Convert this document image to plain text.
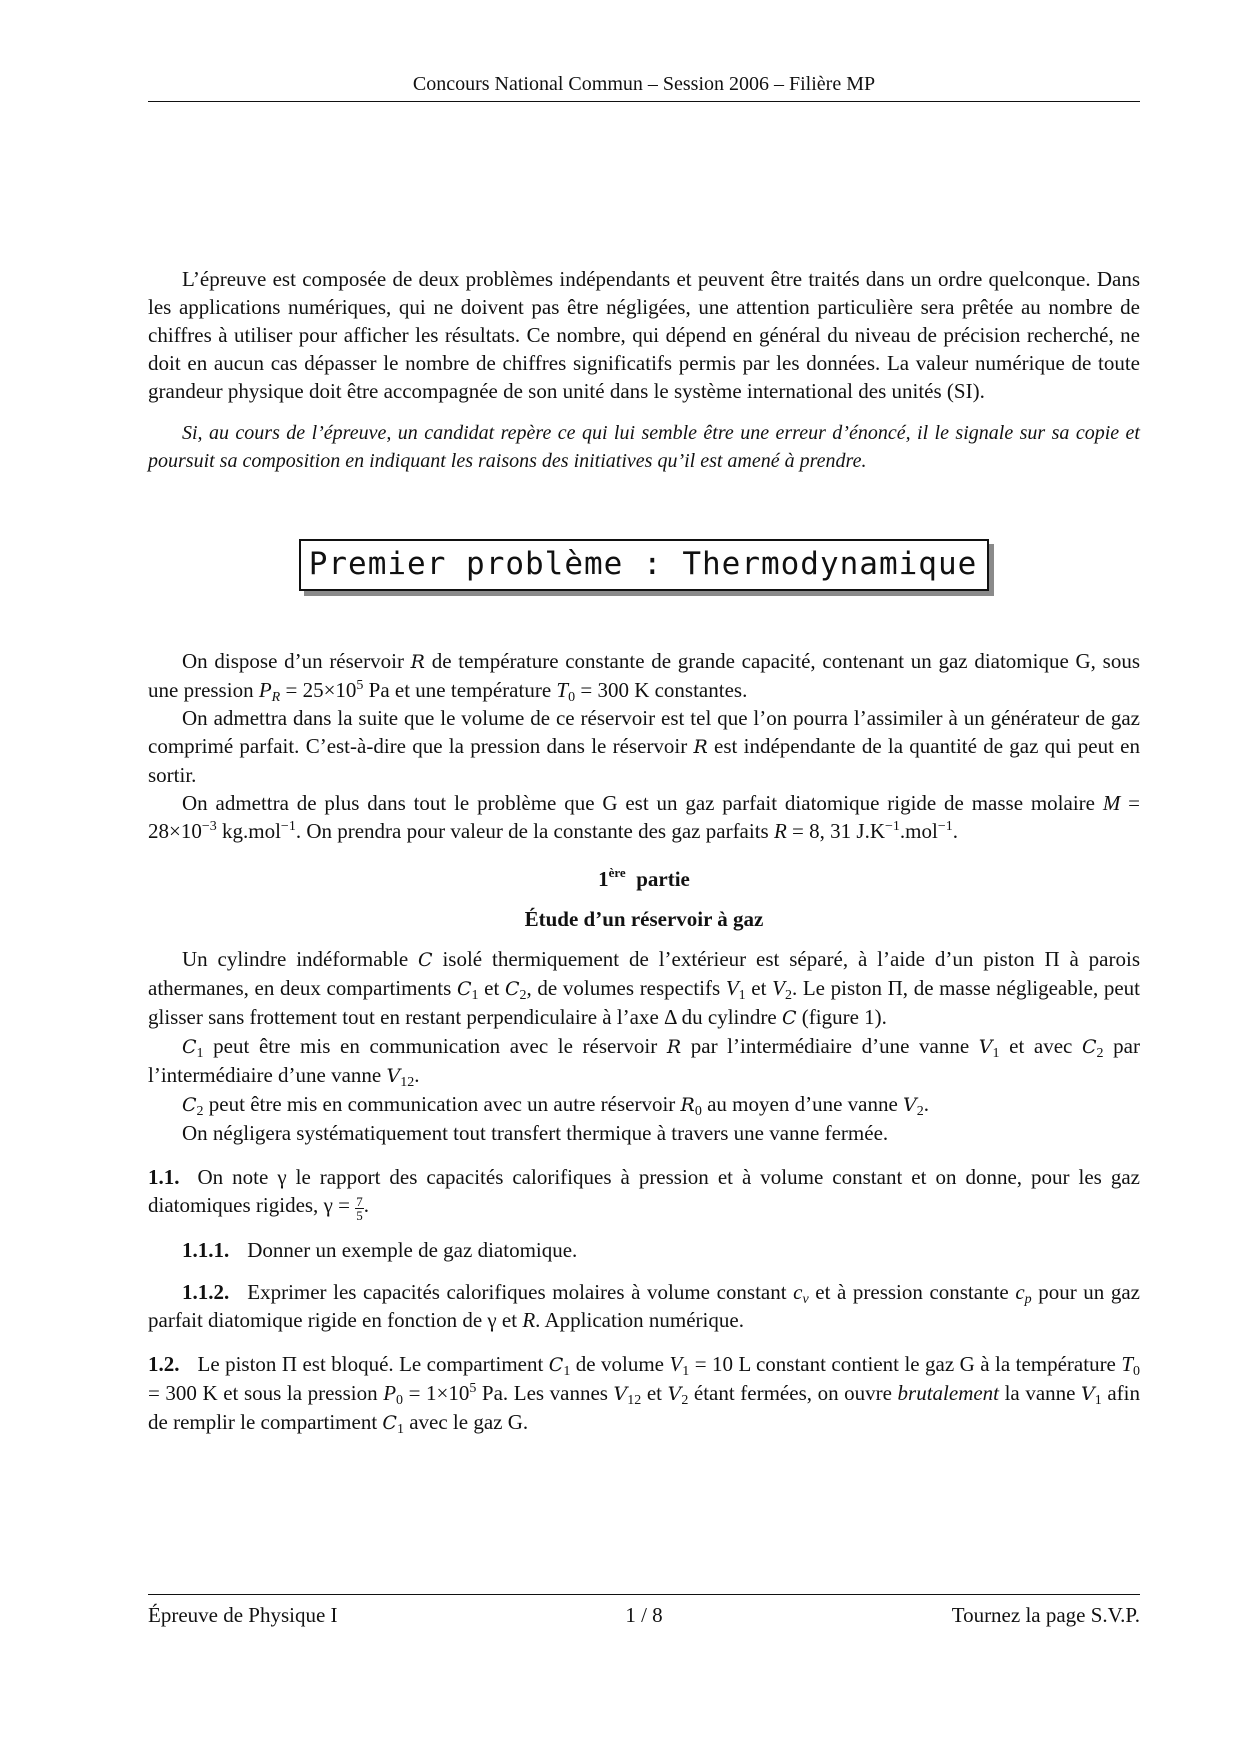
Concours National Commun – Session 2006 – Filière MP

L’épreuve est composée de deux problèmes indépendants et peuvent être traités dans un ordre quelconque. Dans les applications numériques, qui ne doivent pas être négligées, une attention particulière sera prêtée au nombre de chiffres à utiliser pour afficher les résultats. Ce nombre, qui dépend en général du niveau de précision recherché, ne doit en aucun cas dépasser le nombre de chiffres significatifs permis par les données. La valeur numérique de toute grandeur physique doit être accompagnée de son unité dans le système international des unités (SI).

Si, au cours de l’épreuve, un candidat repère ce qui lui semble être une erreur d’énoncé, il le signale sur sa copie et poursuit sa composition en indiquant les raisons des initiatives qu’il est amené à prendre.

Premier problème : Thermodynamique

On dispose d’un réservoir R de température constante de grande capacité, contenant un gaz diatomique G, sous une pression $P_R = 25\times 10^5$ Pa et une température $T_0 = 300$ K constantes.

On admettra dans la suite que le volume de ce réservoir est tel que l’on pourra l’assimiler à un générateur de gaz comprimé parfait. C’est-à-dire que la pression dans le réservoir R est indépendante de la quantité de gaz qui peut en sortir.

On admettra de plus dans tout le problème que G est un gaz parfait diatomique rigide de masse molaire $M = 28\times 10^{-3}$ kg.mol$^{-1}$. On prendra pour valeur de la constante des gaz parfaits R = 8, 31 $J.K^{-1}.mol^{-1}$.

1ère partie
Étude d’un réservoir à gaz

Un cylindre indéformable C isolé thermiquement de l’extérieur est séparé, à l’aide d’un piston Π à parois athermanes, en deux compartiments $C_1$ et $C_2$, de volumes respectifs $V_1$ et $V_2$. Le piston Π, de masse négligeable, peut glisser sans frottement tout en restant perpendiculaire à l’axe Δ du cylindre C (figure 1).

$C_1$ peut être mis en communication avec le réservoir R par l’intermédiaire d’une vanne $V_1$ et avec $C_2$ par l’intermédiaire d’une vanne $V_{12}$.

$C_2$ peut être mis en communication avec un autre réservoir $R_0$ au moyen d’une vanne $V_2$.

On négligera systématiquement tout transfert thermique à travers une vanne fermée.

1.1. On note γ le rapport des capacités calorifiques à pression et à volume constant et on donne, pour les gaz diatomiques rigides, $\gamma = \frac{7}{5}$ .

1.1.1. Donner un exemple de gaz diatomique.

1.1.2. Exprimer les capacités calorifiques molaires à volume constant $c_v$ et à pression constante $c_p$ pour un gaz parfait diatomique rigide en fonction de γ et R. Application numérique.

1.2. Le piston Π est bloqué. Le compartiment $C_1$ de volume $V_1 = 10$ L constant contient le gaz G à la température $T_0 = 300$ K et sous la pression $P_0 = 1\times 10^5$ Pa. Les vannes $V_{12}$ et $V_2$ étant fermées, on ouvre brutalement la vanne $V_1$ afin de remplir le compartiment $C_1$ avec le gaz G.

Épreuve de Physique I	1 / 8	Tournez la page S.V.P.
